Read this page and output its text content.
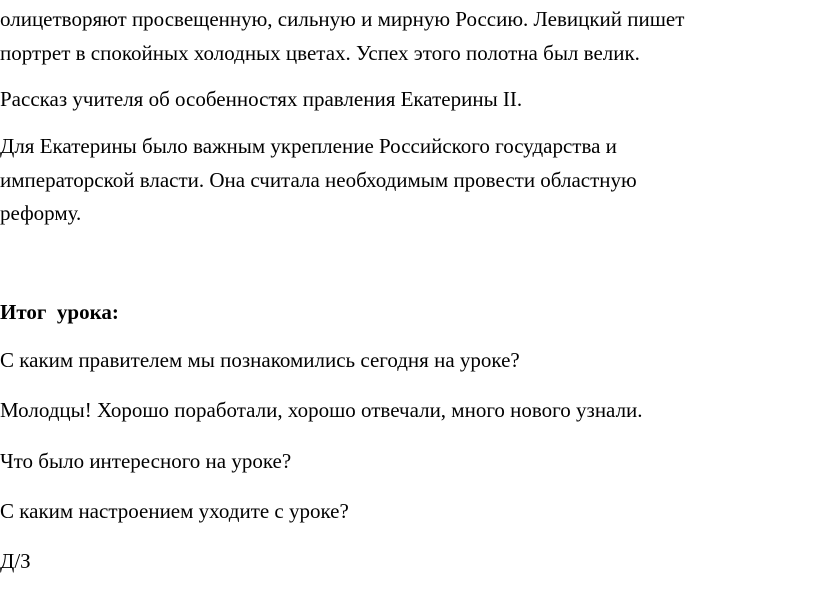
олицетворяют просвещенную, сильную и мирную Россию. Левицкий пишет

портрет в спокойных холодных цветах. Успех этого полотна был велик.

Рассказ учителя об особенностях правления Екатерины II.

Для Екатерины было важным укрепление Российского государства и

императорской власти. Она считала необходимым провести областную

реформу.

Итог  урока:

С каким правителем мы познакомились сегодня на уроке?

Молодцы! Хорошо поработали, хорошо отвечали, много нового узнали.

Что было интересного на уроке?

С каким настроением уходите с уроке?

Д/З
